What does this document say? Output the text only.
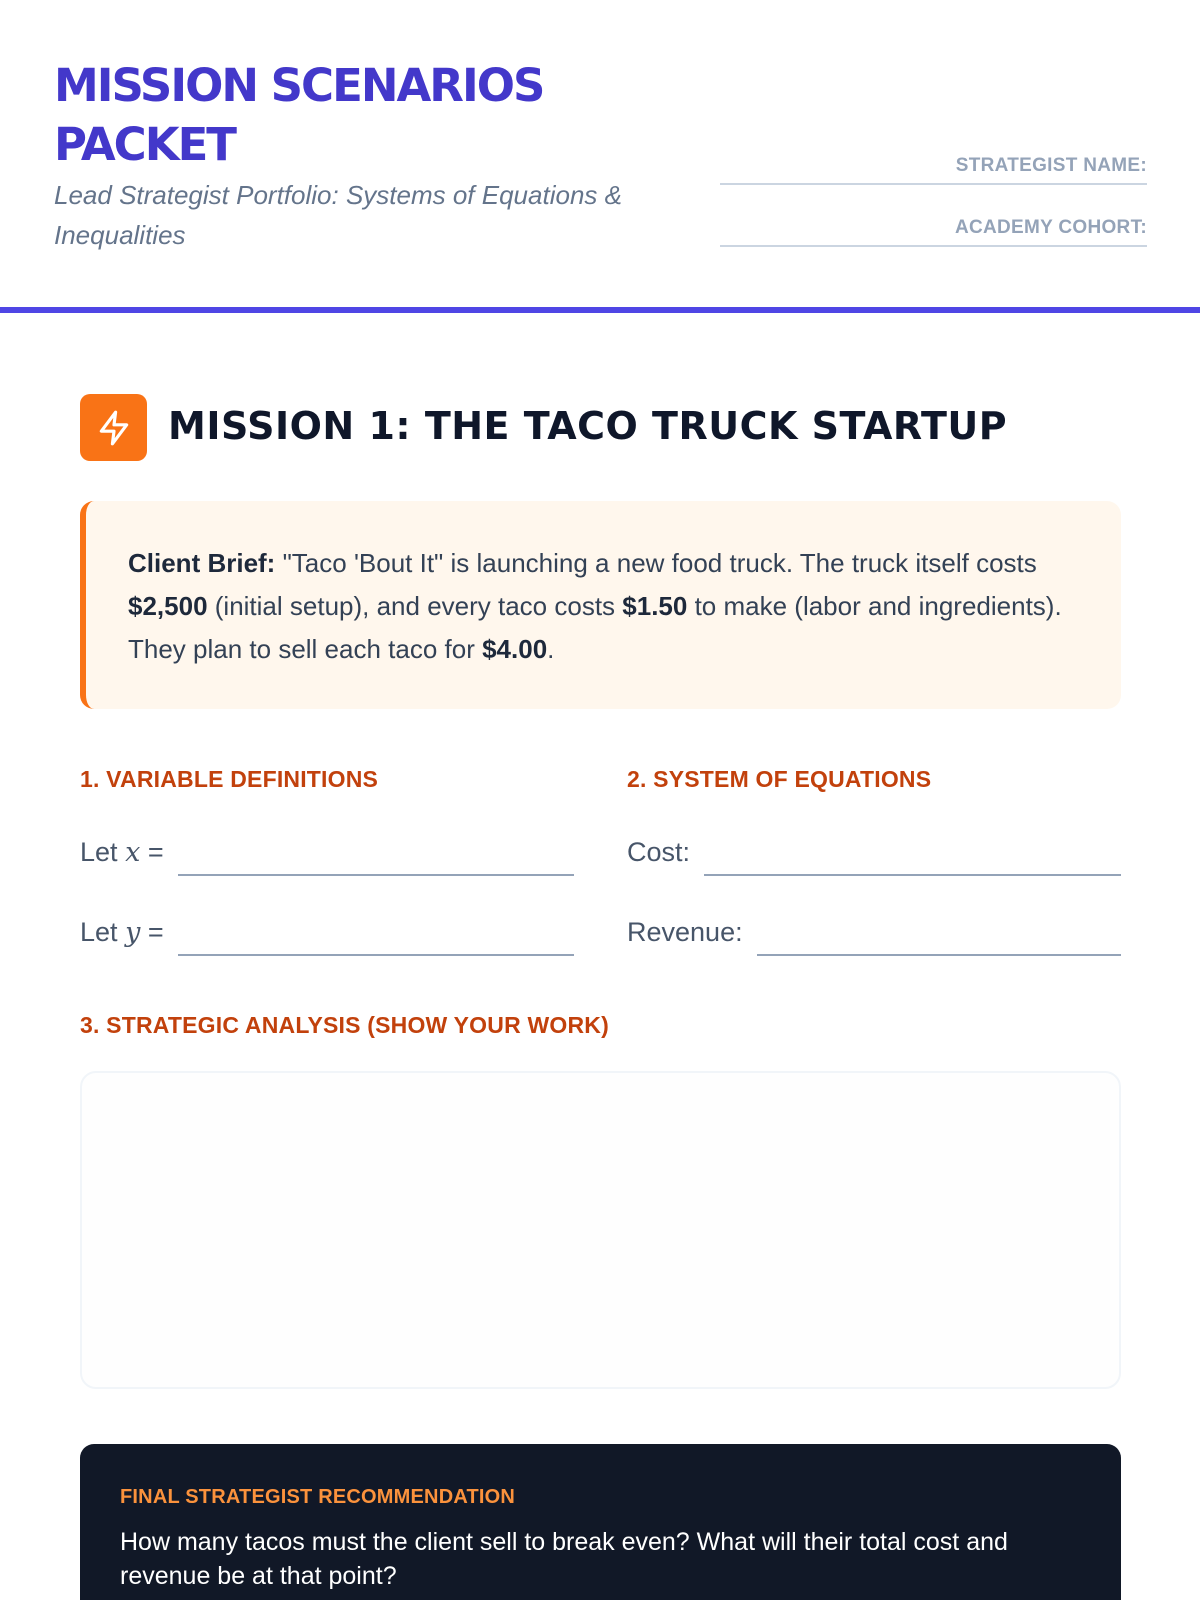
MISSION SCENARIOS PACKET
Lead Strategist Portfolio: Systems of Equations & Inequalities
STRATEGIST NAME:
ACADEMY COHORT:
MISSION 1: THE TACO TRUCK STARTUP
Client Brief: "Taco 'Bout It" is launching a new food truck. The truck itself costs $2,500 (initial setup), and every taco costs $1.50 to make (labor and ingredients). They plan to sell each taco for $4.00.
1. VARIABLE DEFINITIONS	2. SYSTEM OF EQUATIONS
Let x =
Let y =
Cost:
Revenue:
3. STRATEGIC ANALYSIS (SHOW YOUR WORK)
FINAL STRATEGIST RECOMMENDATION
How many tacos must the client sell to break even? What will their total cost and revenue be at that point?
